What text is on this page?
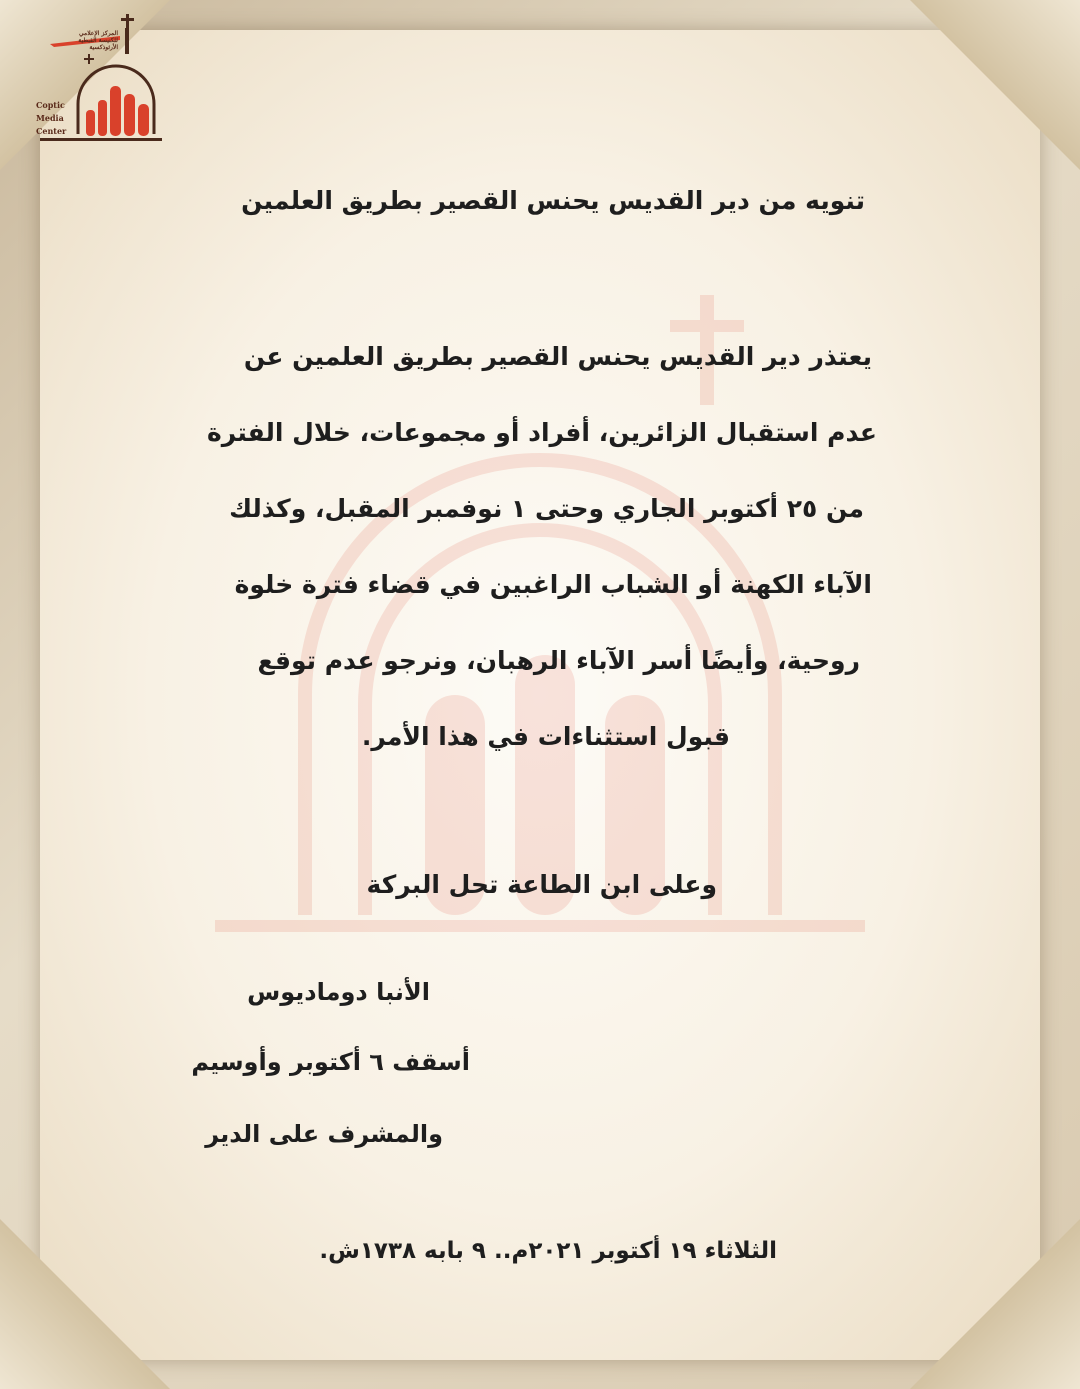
Coptic
Media
Center
المركز الإعلامي للكنيسة القبطية الأرثوذكسية
تنويه من دير القديس يحنس القصير بطريق العلمين
يعتذر دير القديس يحنس القصير بطريق العلمين عن
عدم استقبال الزائرين، أفراد أو مجموعات، خلال الفترة
من ٢٥ أكتوبر الجاري وحتى ١ نوفمبر المقبل، وكذلك
الآباء الكهنة أو الشباب الراغبين في قضاء فترة خلوة
روحية، وأيضًا أسر الآباء الرهبان، ونرجو عدم توقع
قبول استثناءات في هذا الأمر.
وعلى ابن الطاعة تحل البركة
الأنبا دوماديوس
أسقف ٦ أكتوبر وأوسيم
والمشرف على الدير
الثلاثاء ١٩ أكتوبر ٢٠٢١م.. ٩ بابه ١٧٣٨ش.
